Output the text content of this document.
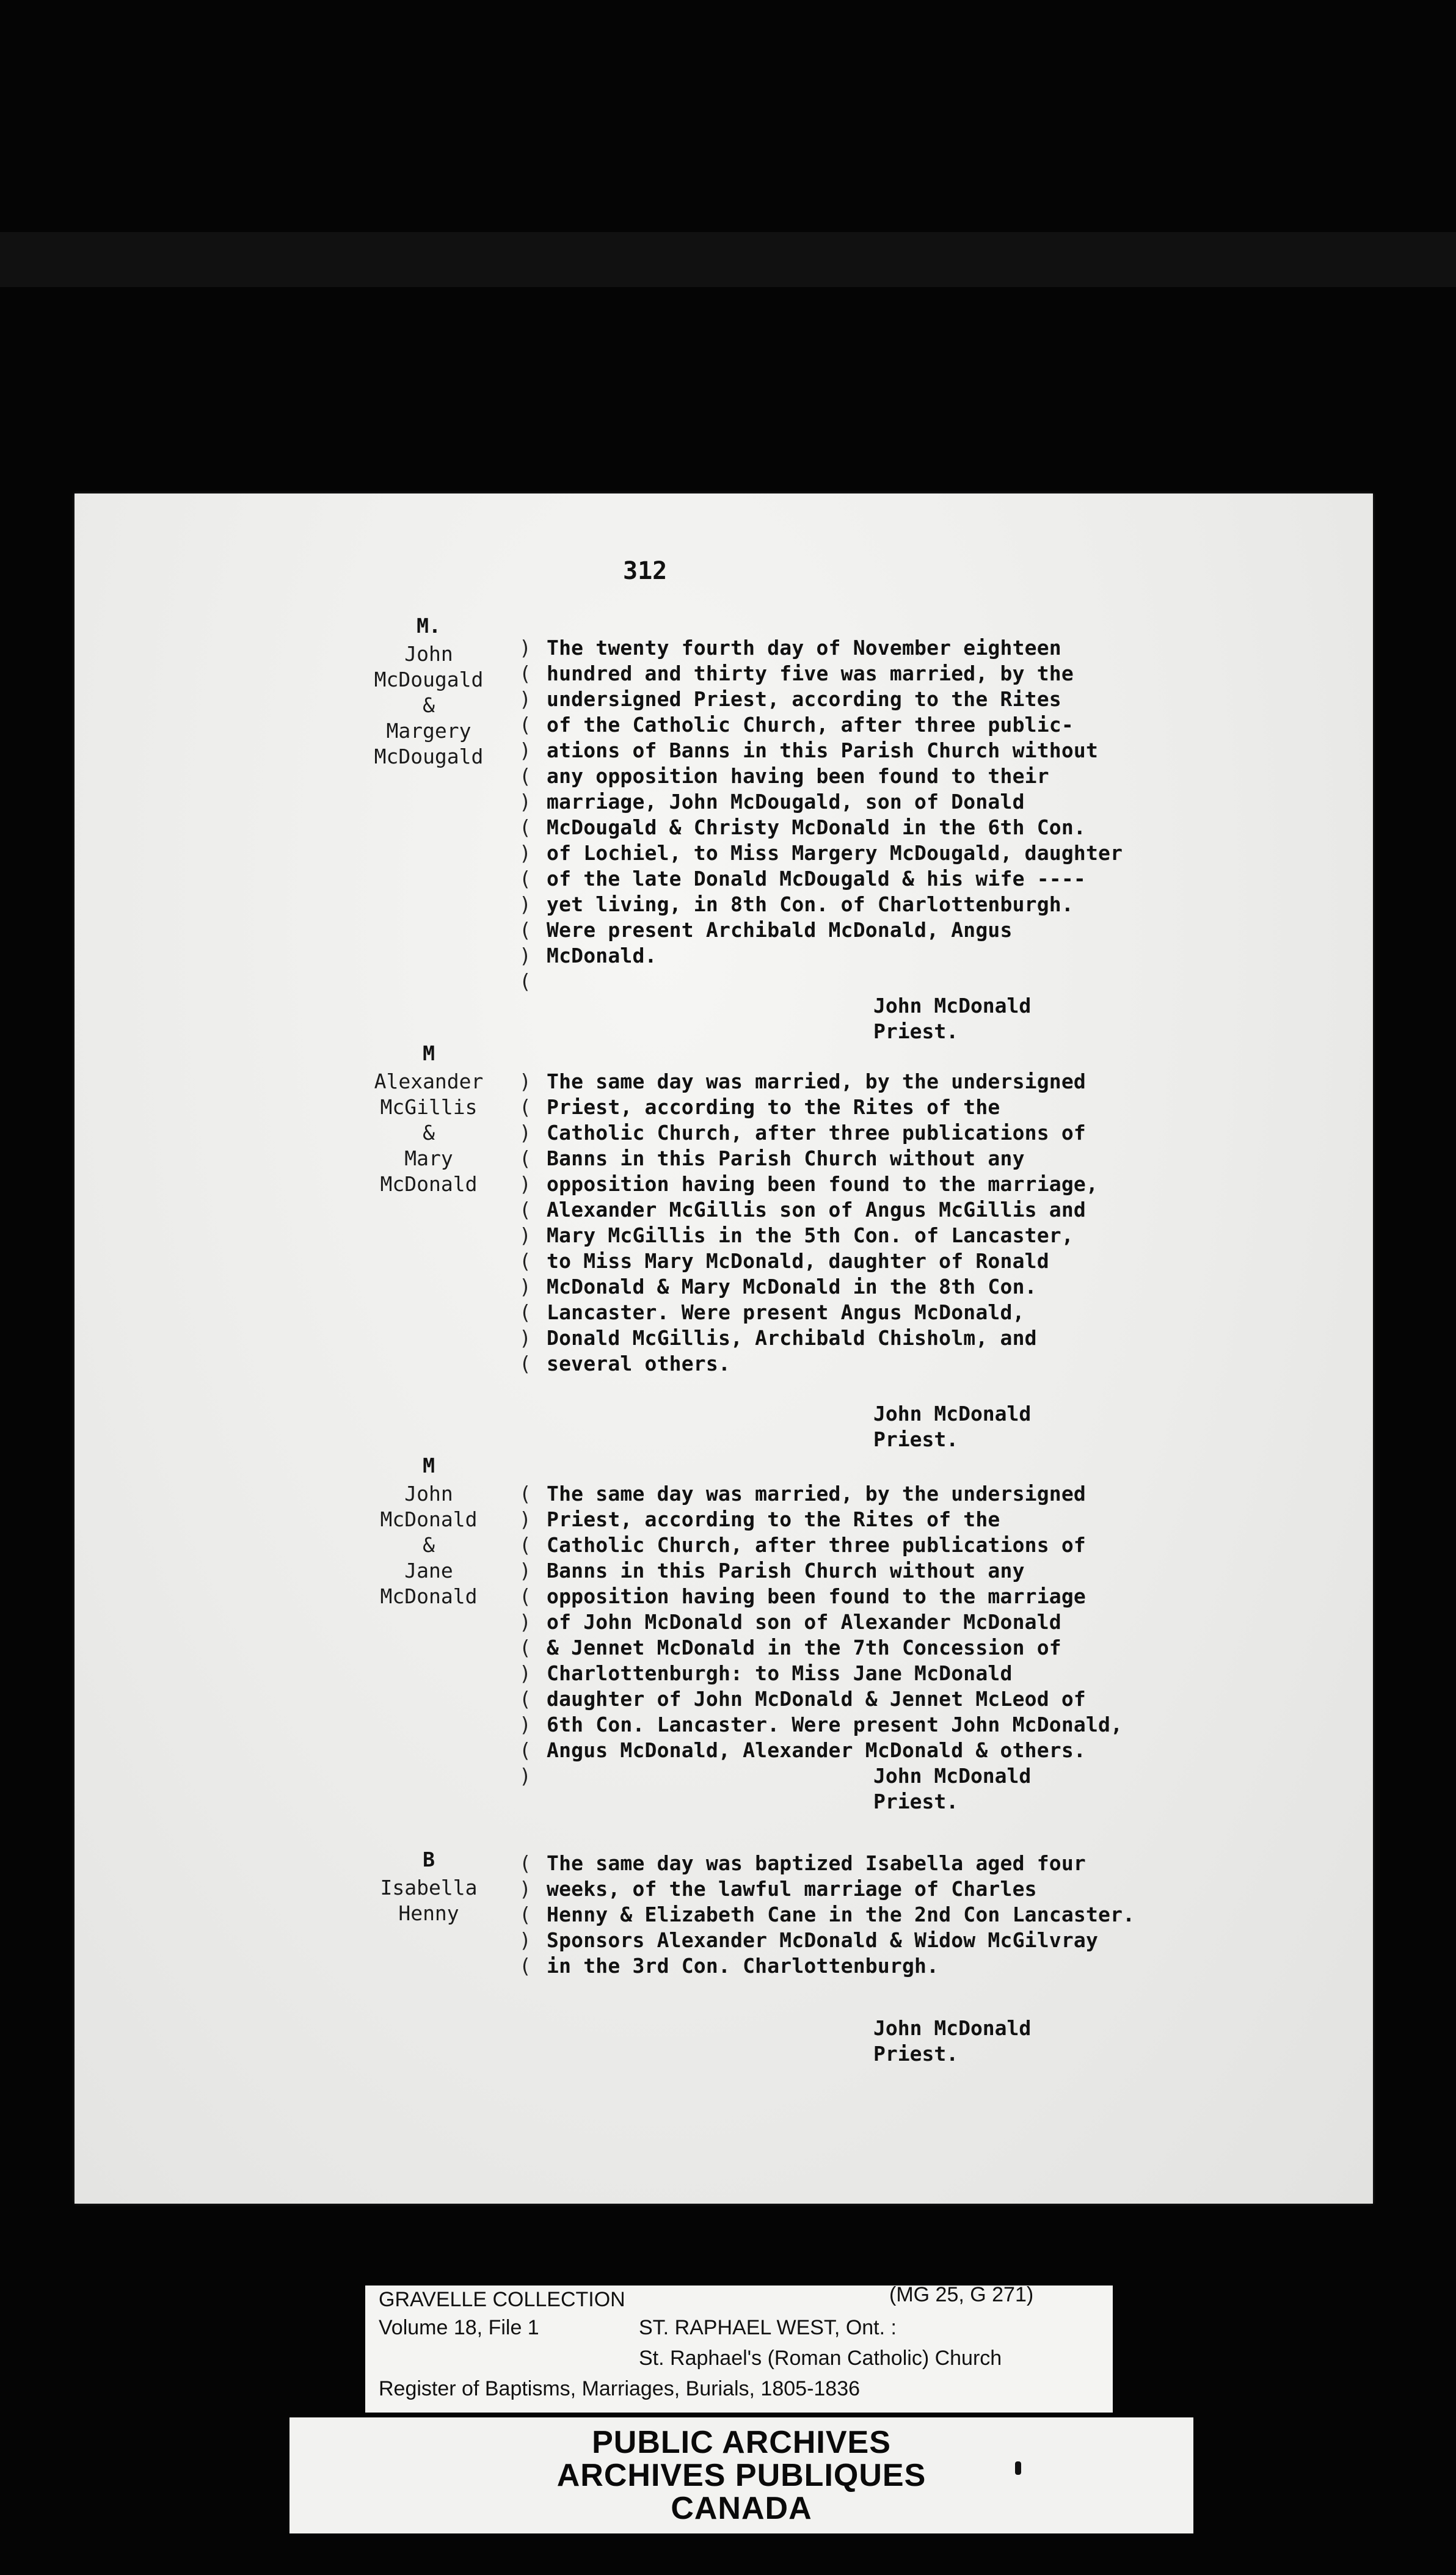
312
M.
John
McDougald
&
Margery
McDougald
)
(
)
(
)
(
)
(
)
(
)
(
)
(
The twenty fourth day of November eighteen
hundred and thirty five was married, by the
undersigned Priest, according to the Rites
of the Catholic Church, after three public-
ations of Banns in this Parish Church without
any opposition having been found to their
marriage, John McDougald, son of Donald
McDougald & Christy McDonald in the 6th Con.
of Lochiel, to Miss Margery McDougald, daughter
of the late Donald McDougald & his wife ----
yet living, in 8th Con. of Charlottenburgh.
Were present Archibald McDonald, Angus
McDonald.
John McDonald
Priest.
M
Alexander
McGillis
&
Mary
McDonald
)
(
)
(
)
(
)
(
)
(
)
(
The same day was married, by the undersigned
Priest, according to the Rites of the
Catholic Church, after three publications of
Banns in this Parish Church without any
opposition having been found to the marriage,
Alexander McGillis son of Angus McGillis and
Mary McGillis in the 5th Con. of Lancaster,
to Miss Mary McDonald, daughter of Ronald
McDonald & Mary McDonald in the 8th Con.
Lancaster. Were present Angus McDonald,
Donald McGillis, Archibald Chisholm, and
several others.
John McDonald
Priest.
M
John
McDonald
&
Jane
McDonald
(
)
(
)
(
)
(
)
(
)
(
)
The same day was married, by the undersigned
Priest, according to the Rites of the
Catholic Church, after three publications of
Banns in this Parish Church without any
opposition having been found to the marriage
of John McDonald son of Alexander McDonald
& Jennet McDonald in the 7th Concession of
Charlottenburgh: to Miss Jane McDonald
daughter of John McDonald & Jennet McLeod of
6th Con. Lancaster. Were present John McDonald,
Angus McDonald, Alexander McDonald & others.
John McDonald
Priest.
B
Isabella
Henny
(
)
(
)
(
The same day was baptized Isabella aged four
weeks, of the lawful marriage of Charles
Henny & Elizabeth Cane in the 2nd Con Lancaster.
Sponsors Alexander McDonald & Widow McGilvray
in the 3rd Con. Charlottenburgh.
John McDonald
Priest.
GRAVELLE COLLECTION	(MG 25, G 271)
Volume 18, File 1	ST. RAPHAEL WEST, Ont. :
St. Raphael's (Roman Catholic) Church
Register of Baptisms, Marriages, Burials, 1805-1836
PUBLIC ARCHIVES
ARCHIVES PUBLIQUES
CANADA
